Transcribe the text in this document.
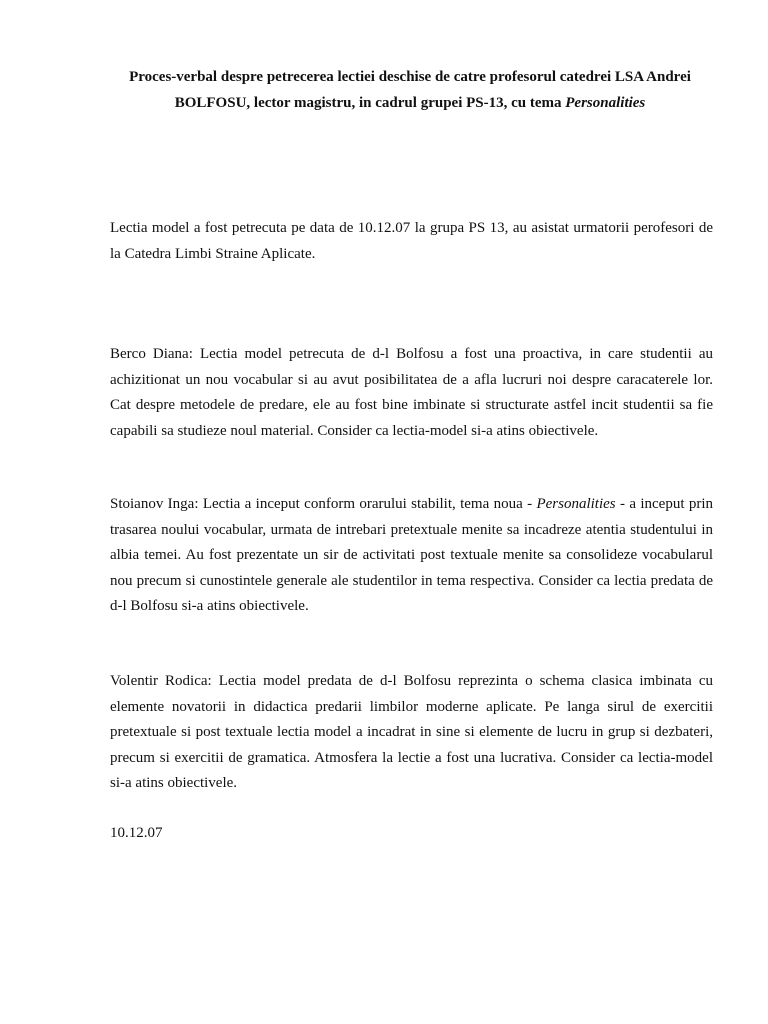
Proces-verbal despre petrecerea lectiei deschise de catre profesorul catedrei LSA Andrei
BOLFOSU, lector magistru, in cadrul grupei PS-13, cu tema Personalities

Lectia model a fost petrecuta pe data de 10.12.07 la grupa PS 13, au asistat urmatorii perofesori de la Catedra Limbi Straine Aplicate.

Berco Diana: Lectia model petrecuta de d-l Bolfosu a fost una proactiva, in care studentii au achizitionat un nou vocabular si au avut posibilitatea de a afla lucruri noi despre caracaterele lor. Cat despre metodele de predare, ele au fost bine imbinate si structurate astfel incit studentii sa fie capabili sa studieze noul material. Consider ca lectia-model si-a atins obiectivele.

Stoianov Inga: Lectia a inceput conform orarului stabilit, tema noua - Personalities - a inceput prin trasarea noului vocabular, urmata de intrebari pretextuale menite sa incadreze atentia studentului in albia temei. Au fost prezentate un sir de activitati post textuale menite sa consolideze vocabularul nou precum si cunostintele generale ale studentilor in tema respectiva. Consider ca lectia predata de d-l Bolfosu si-a atins obiectivele.

Volentir Rodica: Lectia model predata de d-l Bolfosu reprezinta o schema clasica imbinata cu elemente novatorii in didactica predarii limbilor moderne aplicate. Pe langa sirul de exercitii pretextuale si post textuale lectia model a incadrat in sine si elemente de lucru in grup si dezbateri, precum si exercitii de gramatica. Atmosfera la lectie a fost una lucrativa. Consider ca lectia-model si-a atins obiectivele.

10.12.07
